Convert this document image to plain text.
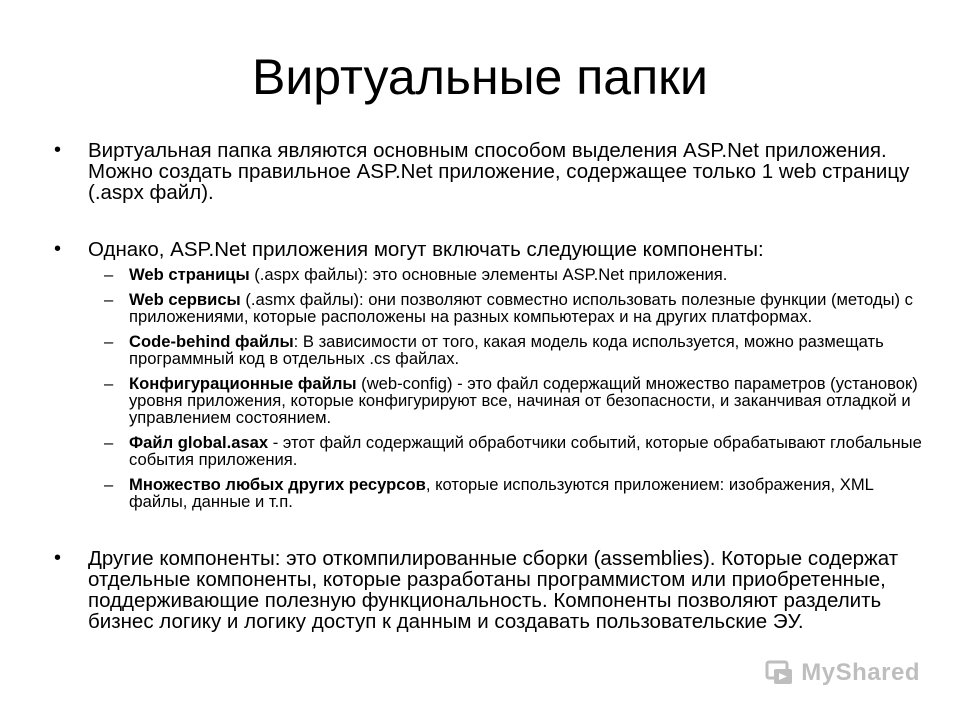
Виртуальные папки
•	Виртуальная папка являются основным способом выделения ASP.Net приложения. Можно создать правильное ASP.Net приложение, содержащее только 1 web страницу (.aspx файл).
•	Однако, ASP.Net приложения могут включать следующие компоненты:
– Web страницы (.aspx файлы): это основные элементы ASP.Net приложения.
– Web сервисы (.asmx файлы): они позволяют совместно использовать полезные функции (методы) с приложениями, которые расположены на разных компьютерах и на других платформах.
– Code-behind файлы: В зависимости от того, какая модель кода используется, можно размещать программный код в отдельных .cs файлах.
– Конфигурационные файлы (web-config) - это файл содержащий множество параметров (установок) уровня приложения, которые конфигурируют все, начиная от безопасности, и заканчивая отладкой и управлением состоянием.
– Файл global.asax - этот файл содержащий обработчики событий, которые обрабатывают глобальные события приложения.
– Множество любых других ресурсов, которые используются приложением: изображения, XML файлы, данные и т.п.
•	Другие компоненты: это откомпилированные сборки (assemblies). Которые содержат отдельные компоненты, которые разработаны программистом или приобретенные, поддерживающие полезную функциональность. Компоненты позволяют разделить бизнес логику и логику доступ к данным и создавать пользовательские ЭУ.
MyShared
